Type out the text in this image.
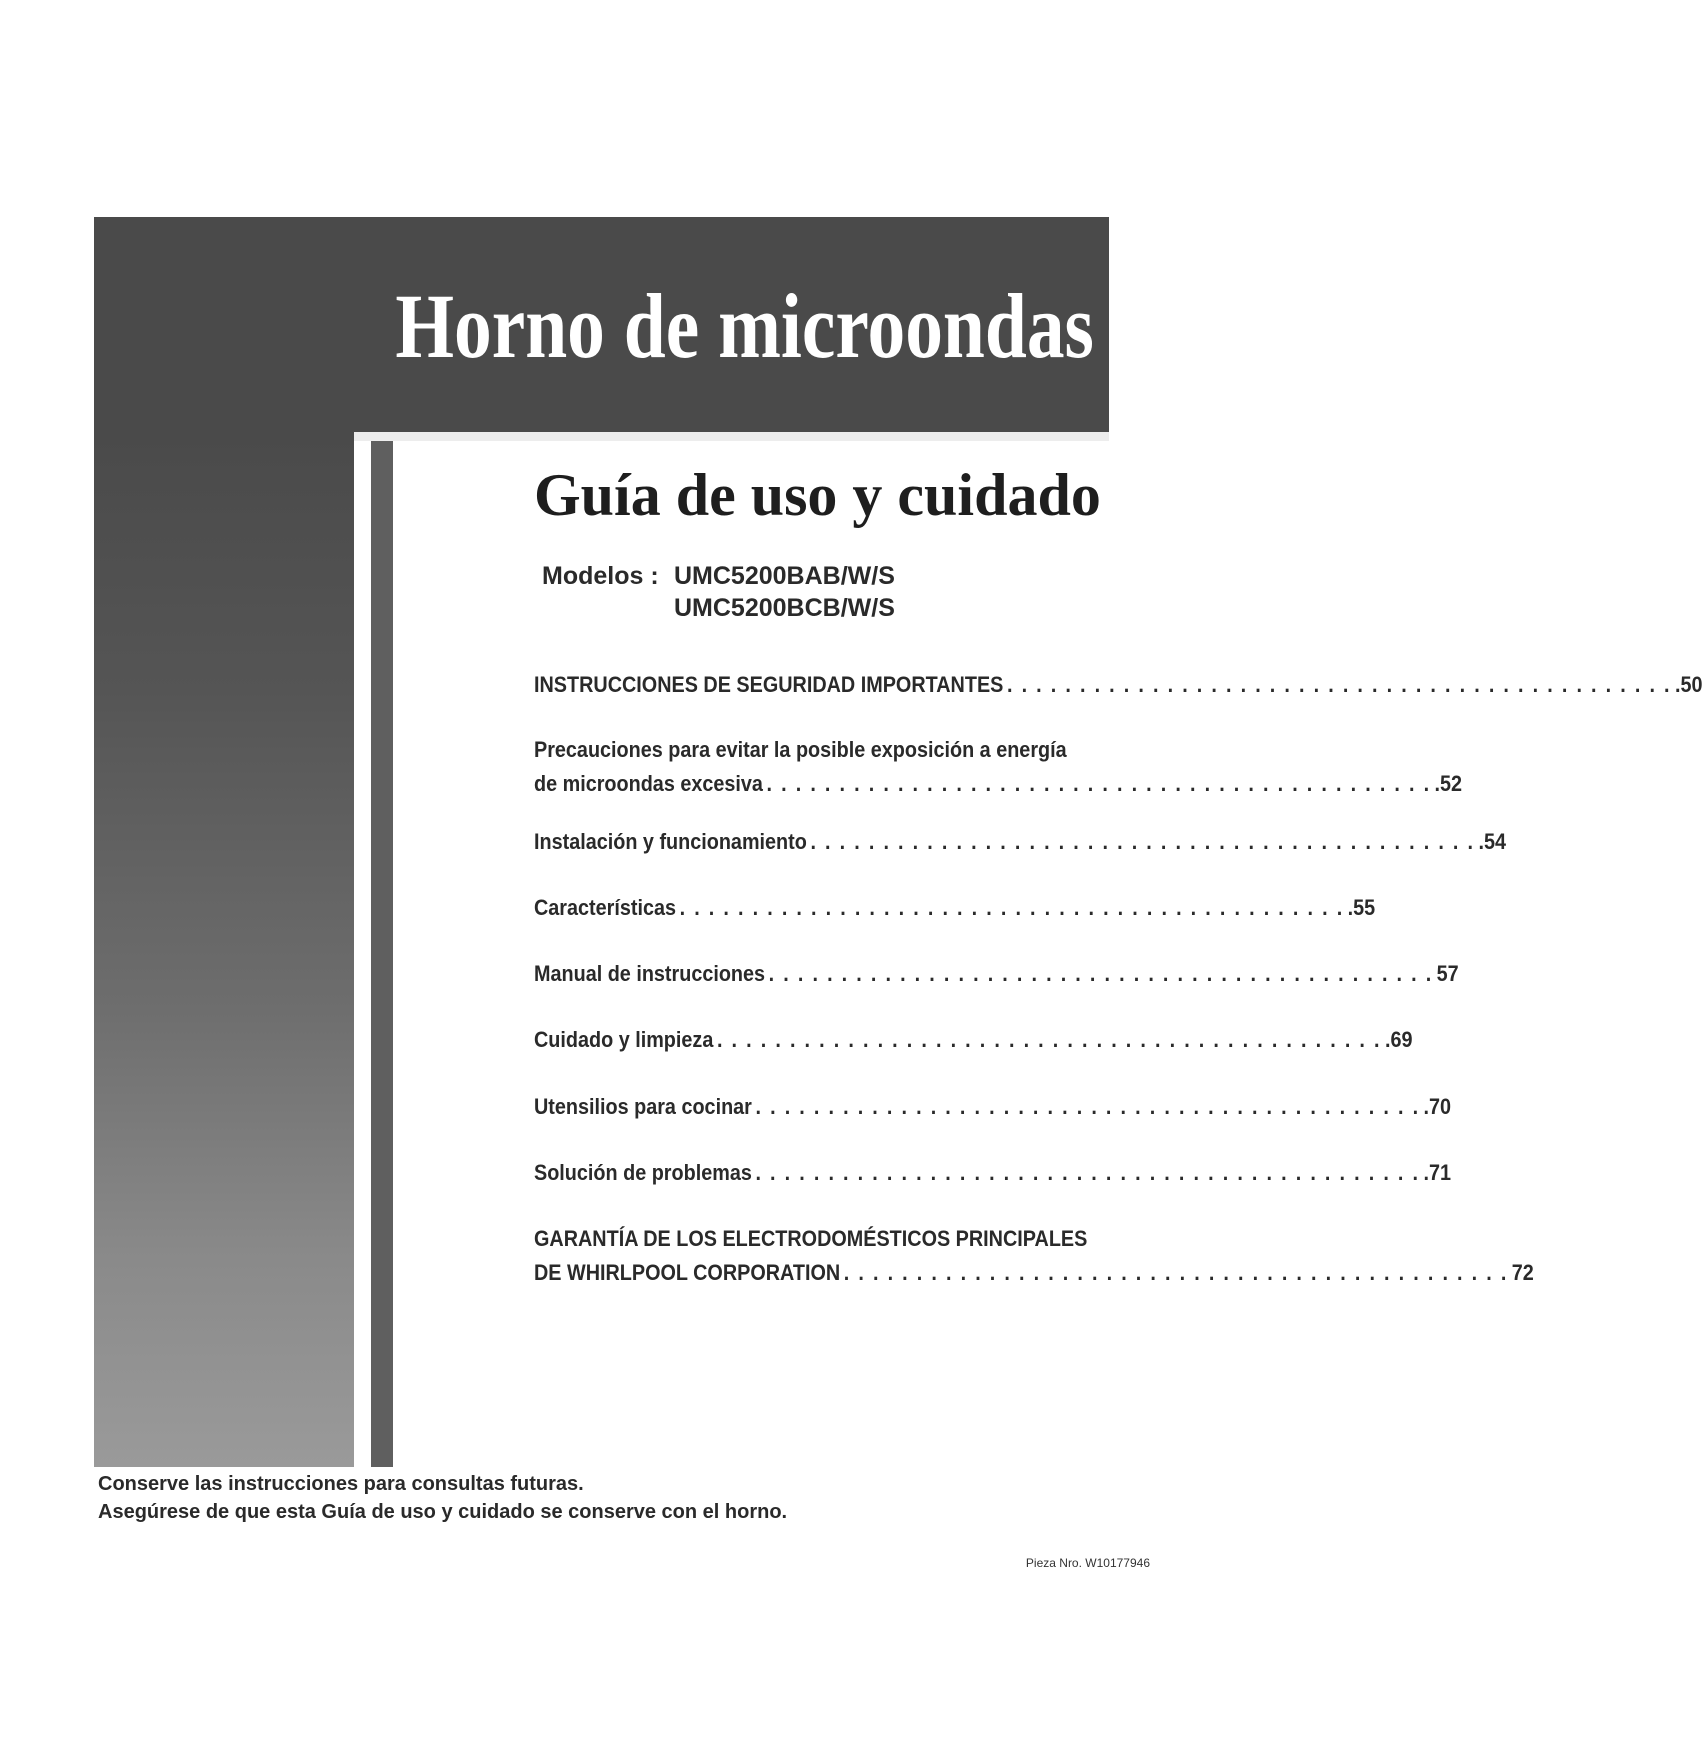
Horno de microondas
Guía de uso y cuidado
Modelos : UMC5200BAB/W/S
UMC5200BCB/W/S
INSTRUCCIONES DE SEGURIDAD IMPORTANTES . . . . . . . . . . . . . . . . . . . . . . . . . . . . . . . . . . . . . . . . . . . . . . .50
Precauciones para evitar la posible exposición a energía
de microondas excesiva . . . . . . . . . . . . . . . . . . . . . . . . . . . . . . . . . . . . . . . . . . . . . . .52
Instalación y funcionamiento . . . . . . . . . . . . . . . . . . . . . . . . . . . . . . . . . . . . . . . . . . . . . . .54
Características . . . . . . . . . . . . . . . . . . . . . . . . . . . . . . . . . . . . . . . . . . . . . . .55
Manual de instrucciones . . . . . . . . . . . . . . . . . . . . . . . . . . . . . . . . . . . . . . . . . . . . . . 57
Cuidado y limpieza . . . . . . . . . . . . . . . . . . . . . . . . . . . . . . . . . . . . . . . . . . . . . . .69
Utensilios para cocinar . . . . . . . . . . . . . . . . . . . . . . . . . . . . . . . . . . . . . . . . . . . . . . .70
Solución de problemas . . . . . . . . . . . . . . . . . . . . . . . . . . . . . . . . . . . . . . . . . . . . . . .71
GARANTÍA DE LOS ELECTRODOMÉSTICOS PRINCIPALES
DE WHIRLPOOL CORPORATION . . . . . . . . . . . . . . . . . . . . . . . . . . . . . . . . . . . . . . . . . . . . . . 72
Conserve las instrucciones para consultas futuras.
Asegúrese de que esta Guía de uso y cuidado se conserve con el horno.
Pieza Nro. W10177946
